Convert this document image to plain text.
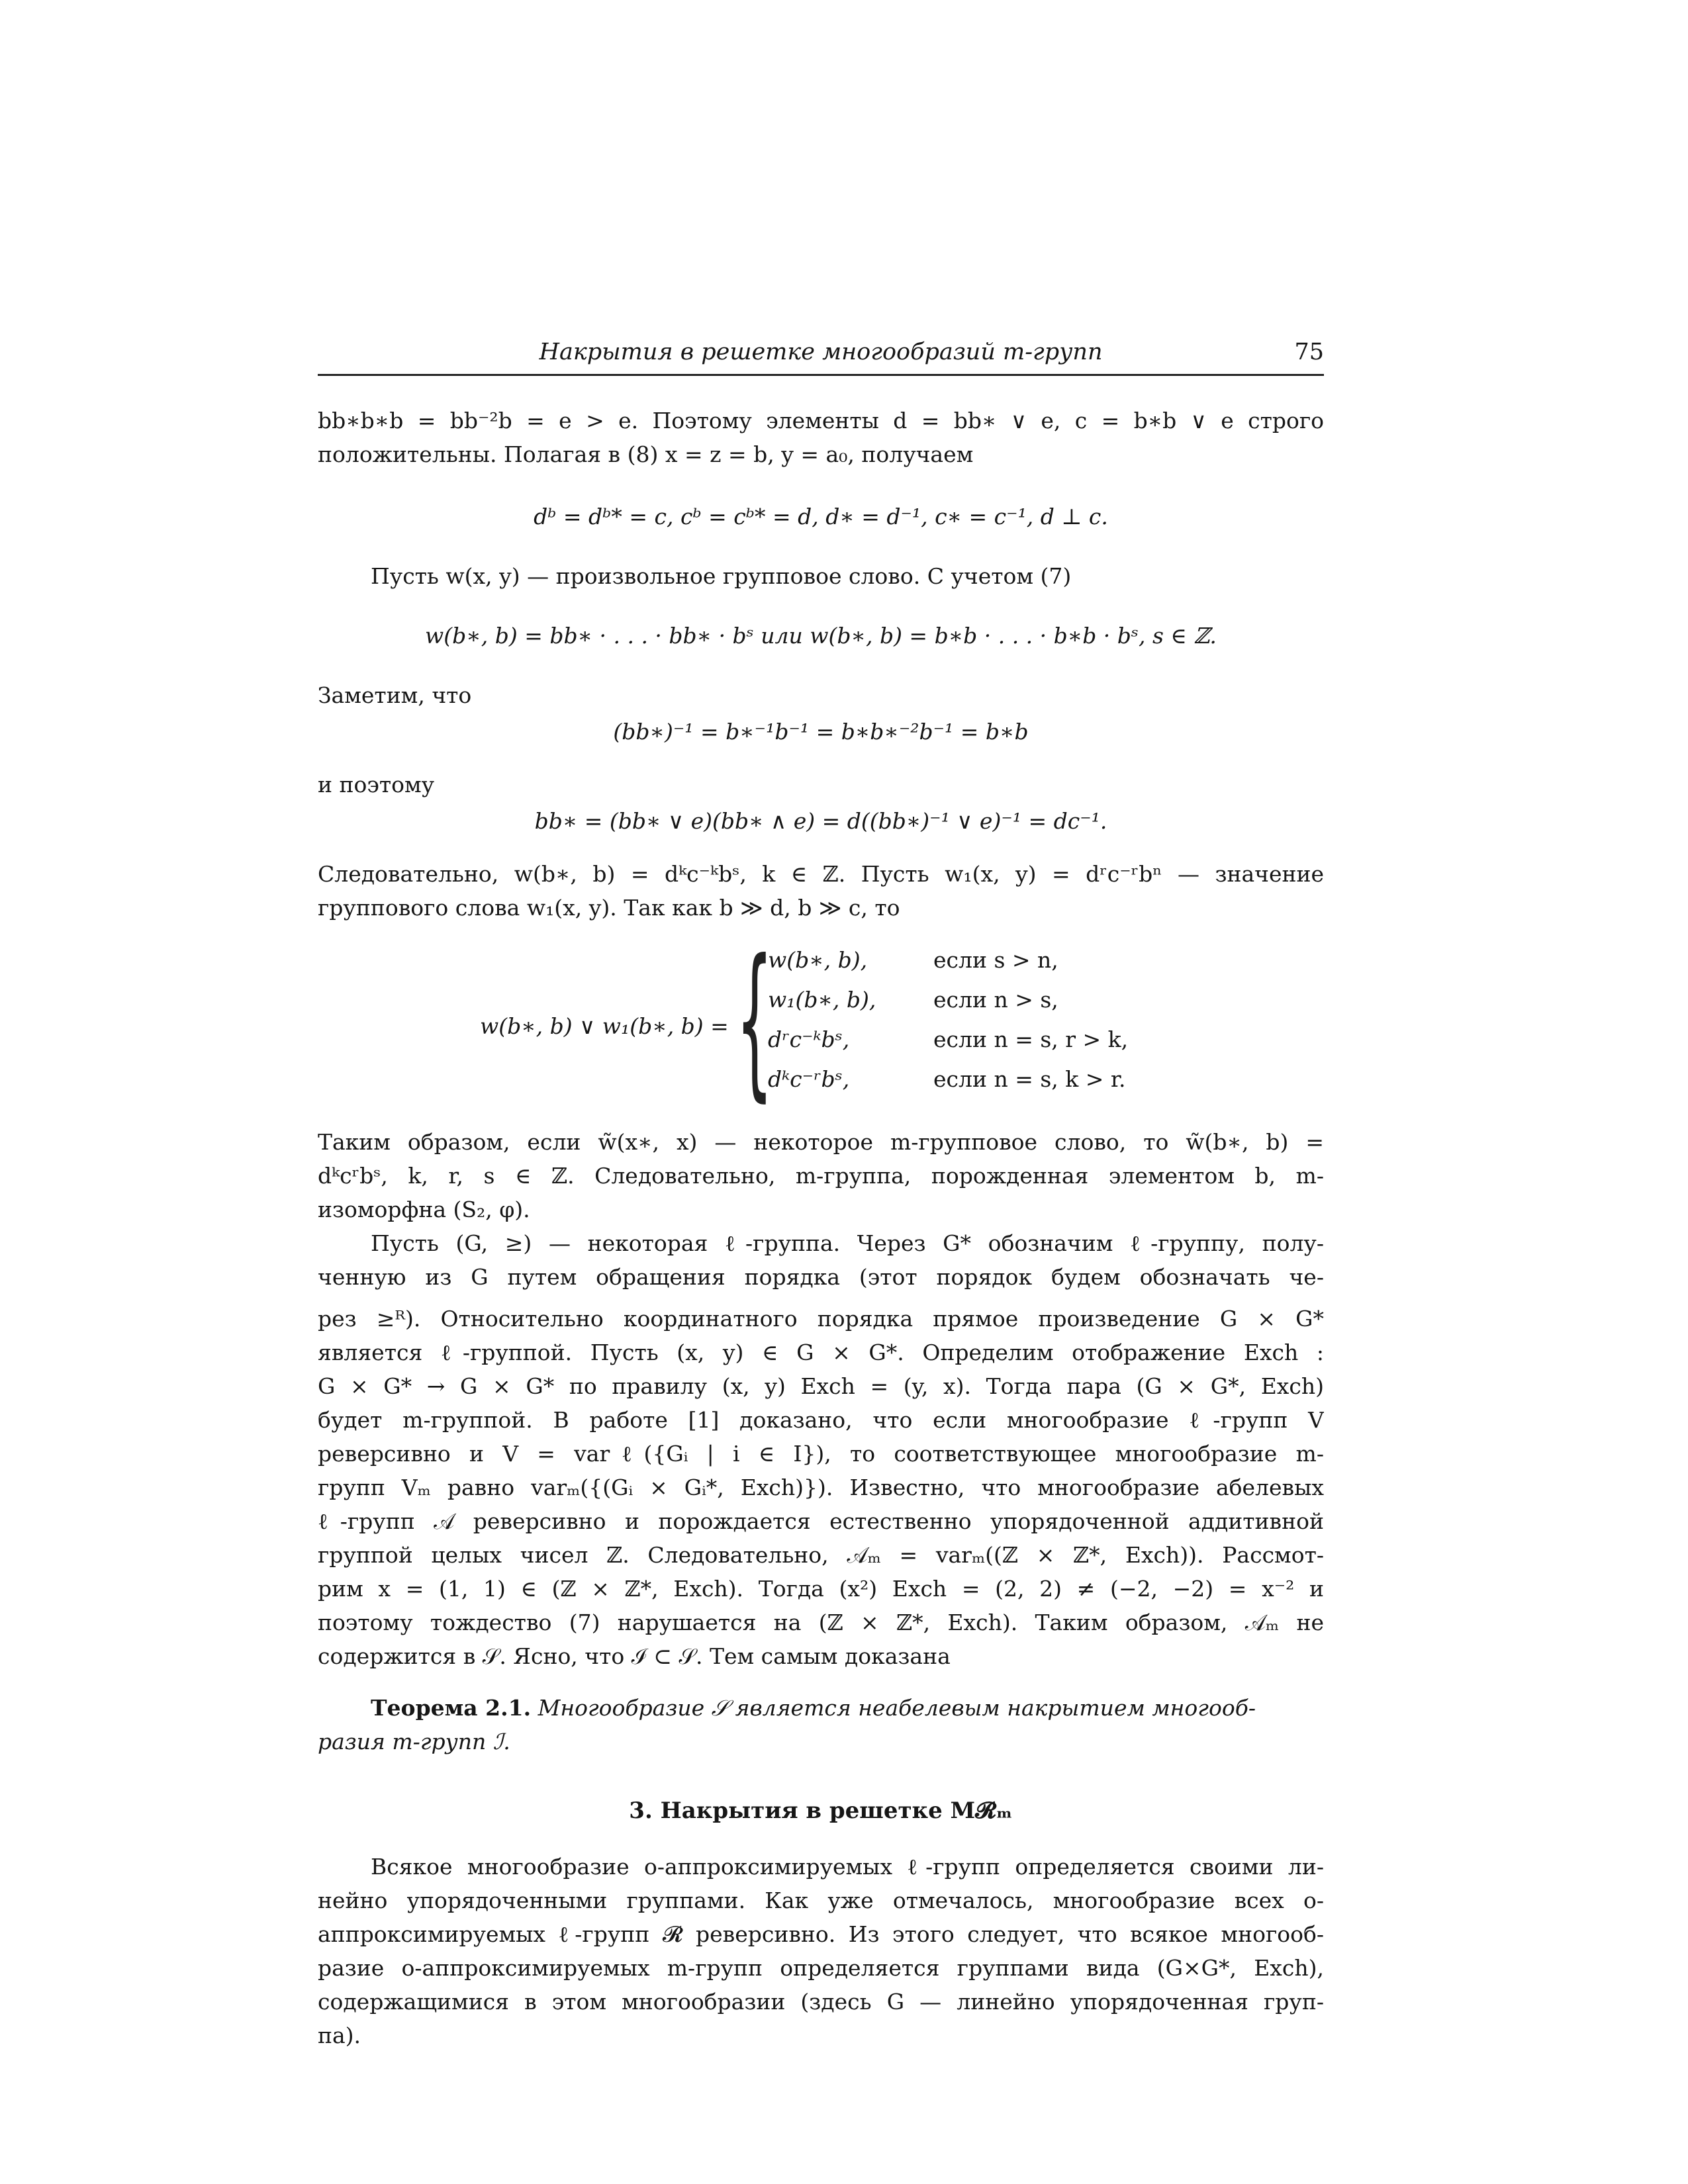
Накрытия в решетке многообразий m-групп	75
bb∗b∗b = bb⁻²b = e > e. Поэтому элементы d = bb∗ ∨ e, c = b∗b ∨ e строго
положительны. Полагая в (8) x = z = b, y = a₀, получаем
dᵇ = dᵇ* = c, cᵇ = cᵇ* = d, d∗ = d⁻¹, c∗ = c⁻¹, d ⊥ c.
Пусть w(x, y) — произвольное групповое слово. С учетом (7)
w(b∗, b) = bb∗ · . . . · bb∗ · bˢ или w(b∗, b) = b∗b · . . . · b∗b · bˢ, s ∈ ℤ.
Заметим, что
(bb∗)⁻¹ = b∗⁻¹b⁻¹ = b∗b∗⁻²b⁻¹ = b∗b
и поэтому
bb∗ = (bb∗ ∨ e)(bb∗ ∧ e) = d((bb∗)⁻¹ ∨ e)⁻¹ = dc⁻¹.
Следовательно, w(b∗, b) = dᵏc⁻ᵏbˢ, k ∈ ℤ. Пусть w₁(x, y) = dʳc⁻ʳbⁿ — значение
группового слова w₁(x, y). Так как b ≫ d, b ≫ c, то
w(b∗, b) ∨ w₁(b∗, b) = {
w(b∗, b),	если s > n,
w₁(b∗, b),	если n > s,
dʳc⁻ᵏbˢ,	если n = s, r > k,
dᵏc⁻ʳbˢ,	если n = s, k > r.
Таким образом, если w̃(x∗, x) — некоторое m-групповое слово, то w̃(b∗, b) =
dᵏcʳbˢ, k, r, s ∈ ℤ. Следовательно, m-группа, порожденная элементом b, m-
изоморфна (S₂, φ).
Пусть (G, ≥) — некоторая ℓ-группа. Через G* обозначим ℓ-группу, полу-
ченную из G путем обращения порядка (этот порядок будем обозначать че-
рез ≥ᴿ). Относительно координатного порядка прямое произведение G × G*
является ℓ-группой. Пусть (x, y) ∈ G × G*. Определим отображение Exch :
G × G* → G × G* по правилу (x, y) Exch = (y, x). Тогда пара (G × G*, Exch)
будет m-группой. В работе [1] доказано, что если многообразие ℓ-групп V
реверсивно и V = varℓ({Gᵢ | i ∈ I}), то соответствующее многообразие m-
групп Vₘ равно varₘ({(Gᵢ × Gᵢ*, Exch)}). Известно, что многообразие абелевых
ℓ-групп 𝒜 реверсивно и порождается естественно упорядоченной аддитивной
группой целых чисел ℤ. Следовательно, 𝒜ₘ = varₘ((ℤ × ℤ*, Exch)). Рассмот-
рим x = (1, 1) ∈ (ℤ × ℤ*, Exch). Тогда (x²) Exch = (2, 2) ≠ (−2, −2) = x⁻² и
поэтому тождество (7) нарушается на (ℤ × ℤ*, Exch). Таким образом, 𝒜ₘ не
содержится в 𝒮. Ясно, что ℐ ⊂ 𝒮. Тем самым доказана
Теорема 2.1. Многообразие 𝒮 является неабелевым накрытием многооб-
разия m-групп ℐ.
3. Накрытия в решетке M𝓡ₘ
Всякое многообразие o-аппроксимируемых ℓ-групп определяется своими ли-
нейно упорядоченными группами. Как уже отмечалось, многообразие всех o-
аппроксимируемых ℓ-групп 𝓡 реверсивно. Из этого следует, что всякое многооб-
разие o-аппроксимируемых m-групп определяется группами вида (G×G*, Exch),
содержащимися в этом многообразии (здесь G — линейно упорядоченная груп-
па).
